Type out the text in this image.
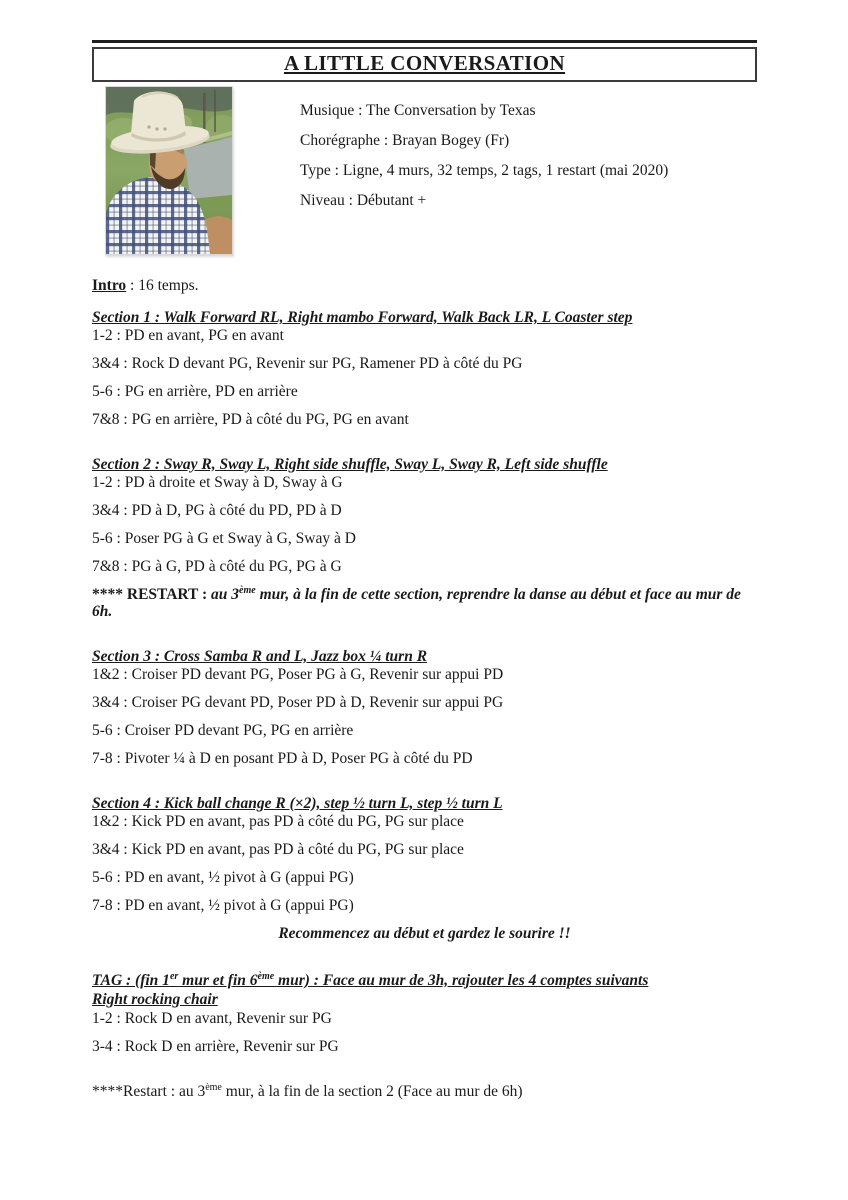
A LITTLE CONVERSATION

Musique : The Conversation by Texas

Chorégraphe : Brayan Bogey (Fr)

Type : Ligne, 4 murs, 32 temps, 2 tags, 1 restart (mai 2020)

Niveau : Débutant +

Intro : 16 temps.
Section 1 : Walk Forward RL, Right mambo Forward, Walk Back LR, L Coaster step

1-2 : PD en avant, PG en avant

3&4 : Rock D devant PG, Revenir sur PG, Ramener PD à côté du PG

5-6 : PG en arrière, PD en arrière

7&8 : PG en arrière, PD à côté du PG, PG en avant

Section 2 : Sway R, Sway L, Right side shuffle, Sway L, Sway R, Left side shuffle

1-2 : PD à droite et Sway à D, Sway à G

3&4 : PD à D, PG à côté du PD, PD à D

5-6 : Poser PG à G et Sway à G, Sway à D

7&8 : PG à G, PD à côté du PG, PG à G

**** RESTART : au 3ème mur, à la fin de cette section, reprendre la danse au début et face au mur de 6h.

Section 3 : Cross Samba R and L, Jazz box ¼ turn R

1&2 : Croiser PD devant PG, Poser PG à G, Revenir sur appui PD

3&4 : Croiser PG devant PD, Poser PD à D, Revenir sur appui PG

5-6 : Croiser PD devant PG, PG en arrière

7-8 : Pivoter ¼ à D en posant PD à D, Poser PG à côté du PD

Section 4 : Kick ball change R (×2), step ½ turn L, step ½ turn L

1&2 : Kick PD en avant, pas PD à côté du PG, PG sur place

3&4 : Kick PD en avant, pas PD à côté du PG, PG sur place

5-6 : PD en avant, ½ pivot à G (appui PG)

7-8 : PD en avant, ½ pivot à G (appui PG)

Recommencez au début et gardez le sourire !!

TAG : (fin 1er mur et fin 6ème mur) : Face au mur de 3h, rajouter les 4 comptes suivants
Right rocking chair

1-2 : Rock D en avant, Revenir sur PG

3-4 : Rock D en arrière, Revenir sur PG

****Restart : au 3ème mur, à la fin de la section 2 (Face au mur de 6h)
